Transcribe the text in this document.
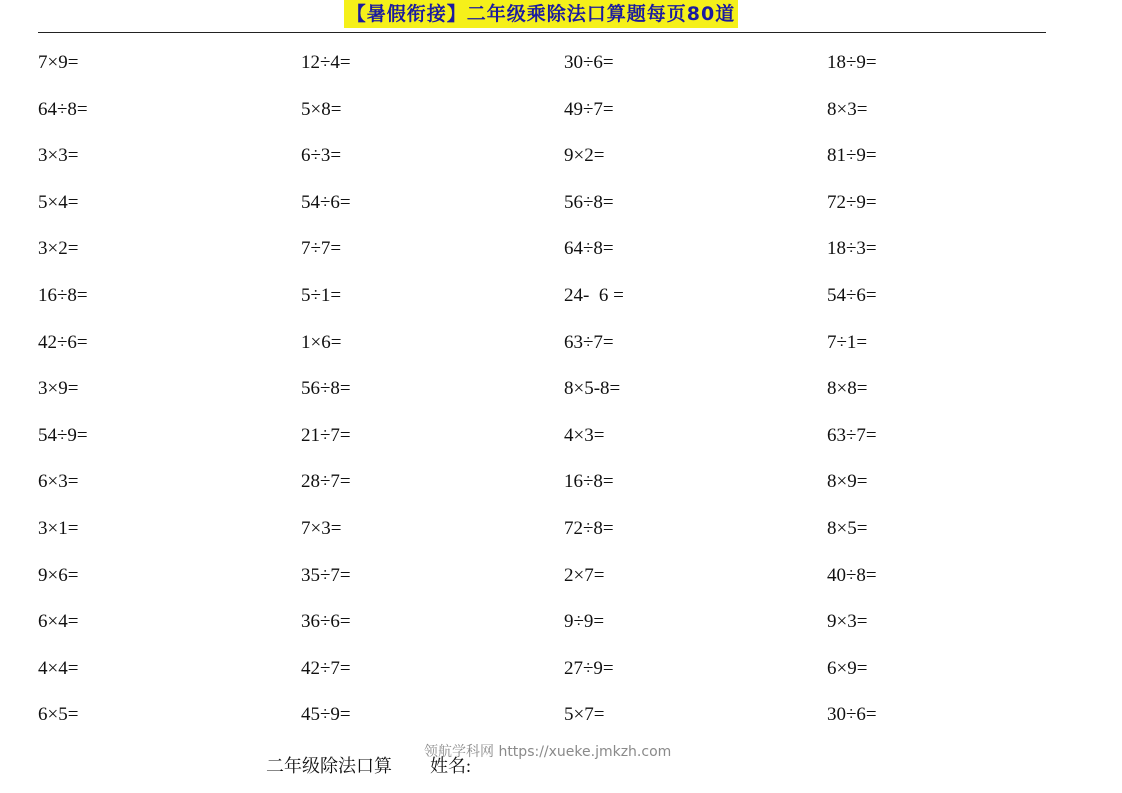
【暑假衔接】二年级乘除法口算题每页80道
7×9=	12÷4=	30÷6=	18÷9=
64÷8=	5×8=	49÷7=	8×3=
3×3=	6÷3=	9×2=	81÷9=
5×4=	54÷6=	56÷8=	72÷9=
3×2=	7÷7=	64÷8=	18÷3=
16÷8=	5÷1=	24-  6 =	54÷6=
42÷6=	1×6=	63÷7=	7÷1=
3×9=	56÷8=	8×5-8=	8×8=
54÷9=	21÷7=	4×3=	63÷7=
6×3=	28÷7=	16÷8=	8×9=
3×1=	7×3=	72÷8=	8×5=
9×6=	35÷7=	2×7=	40÷8=
6×4=	36÷6=	9÷9=	9×3=
4×4=	42÷7=	27÷9=	6×9=
6×5=	45÷9=	5×7=	30÷6=
领航学科网 https://xueke.jmkzh.com
二年级除法口算 姓名:
